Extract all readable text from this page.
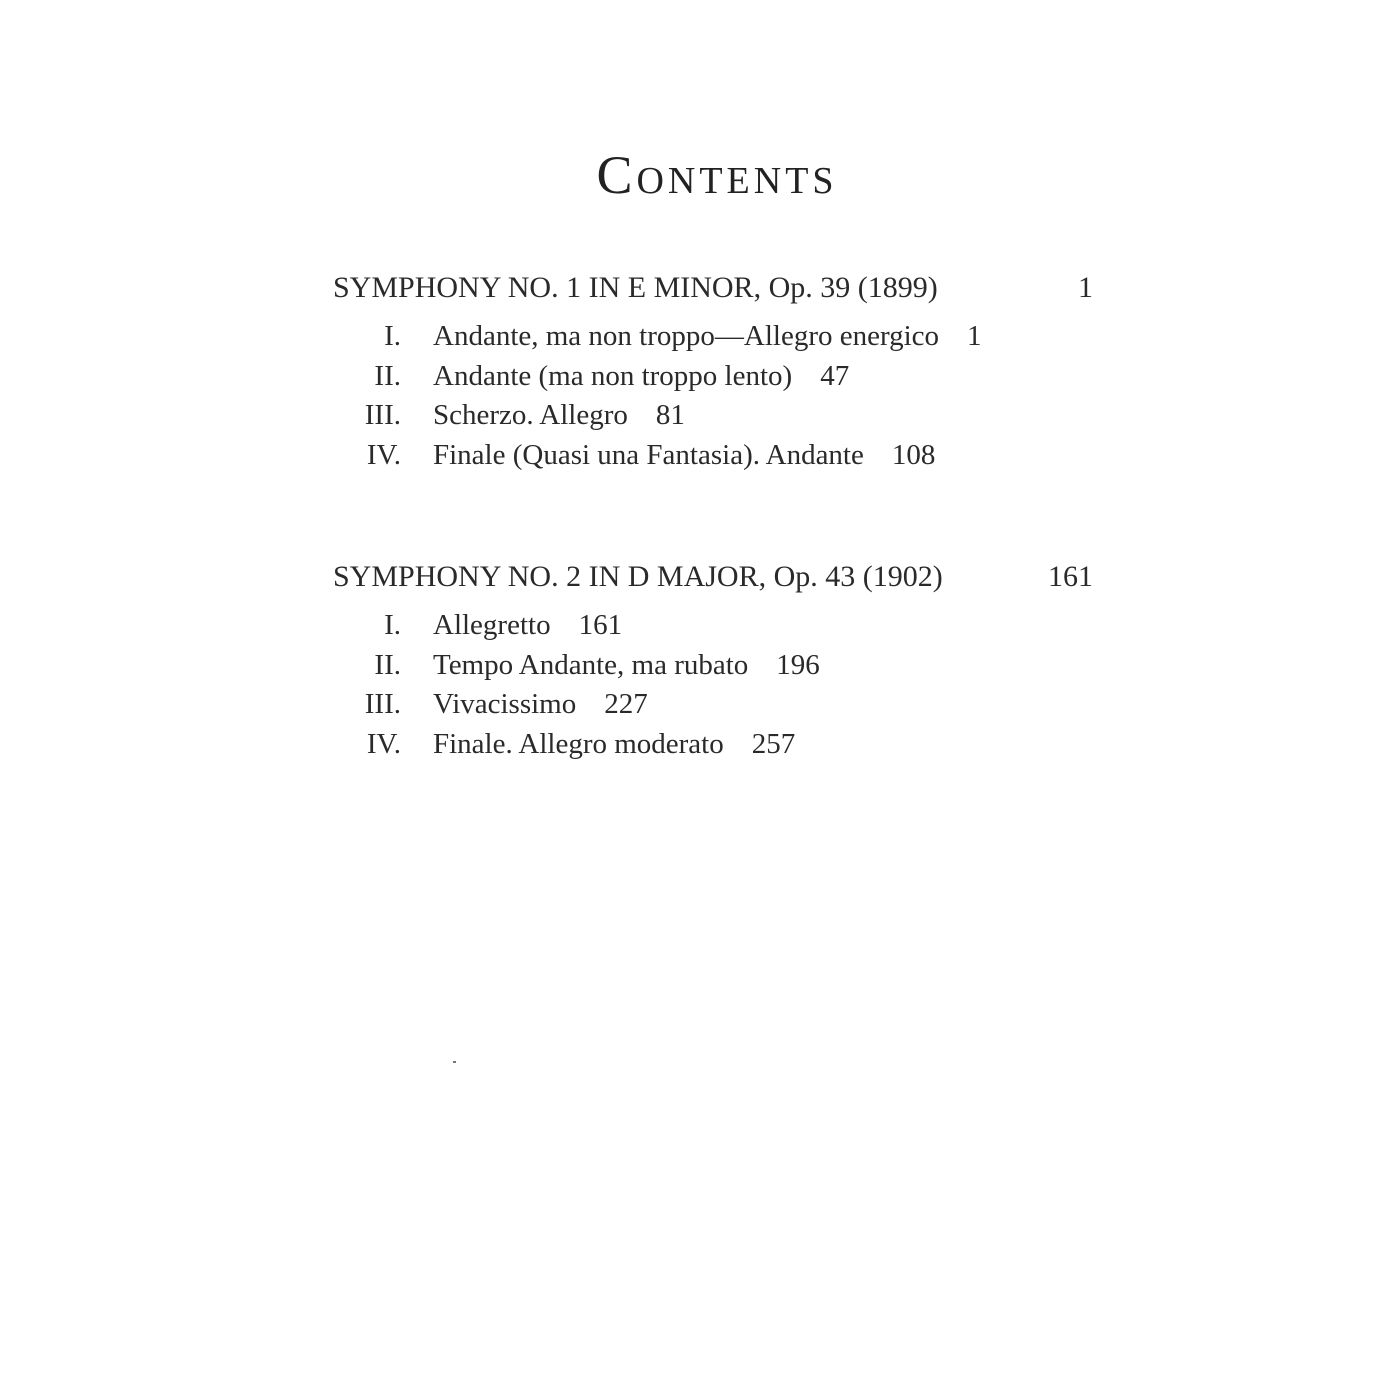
Contents
SYMPHONY NO. 1 IN E MINOR, Op. 39 (1899)	1
I. Andante, ma non troppo—Allegro energico 1
II. Andante (ma non troppo lento) 47
III. Scherzo. Allegro 81
IV. Finale (Quasi una Fantasia). Andante 108
SYMPHONY NO. 2 IN D MAJOR, Op. 43 (1902)	161
I. Allegretto 161
II. Tempo Andante, ma rubato 196
III. Vivacissimo 227
IV. Finale. Allegro moderato 257
